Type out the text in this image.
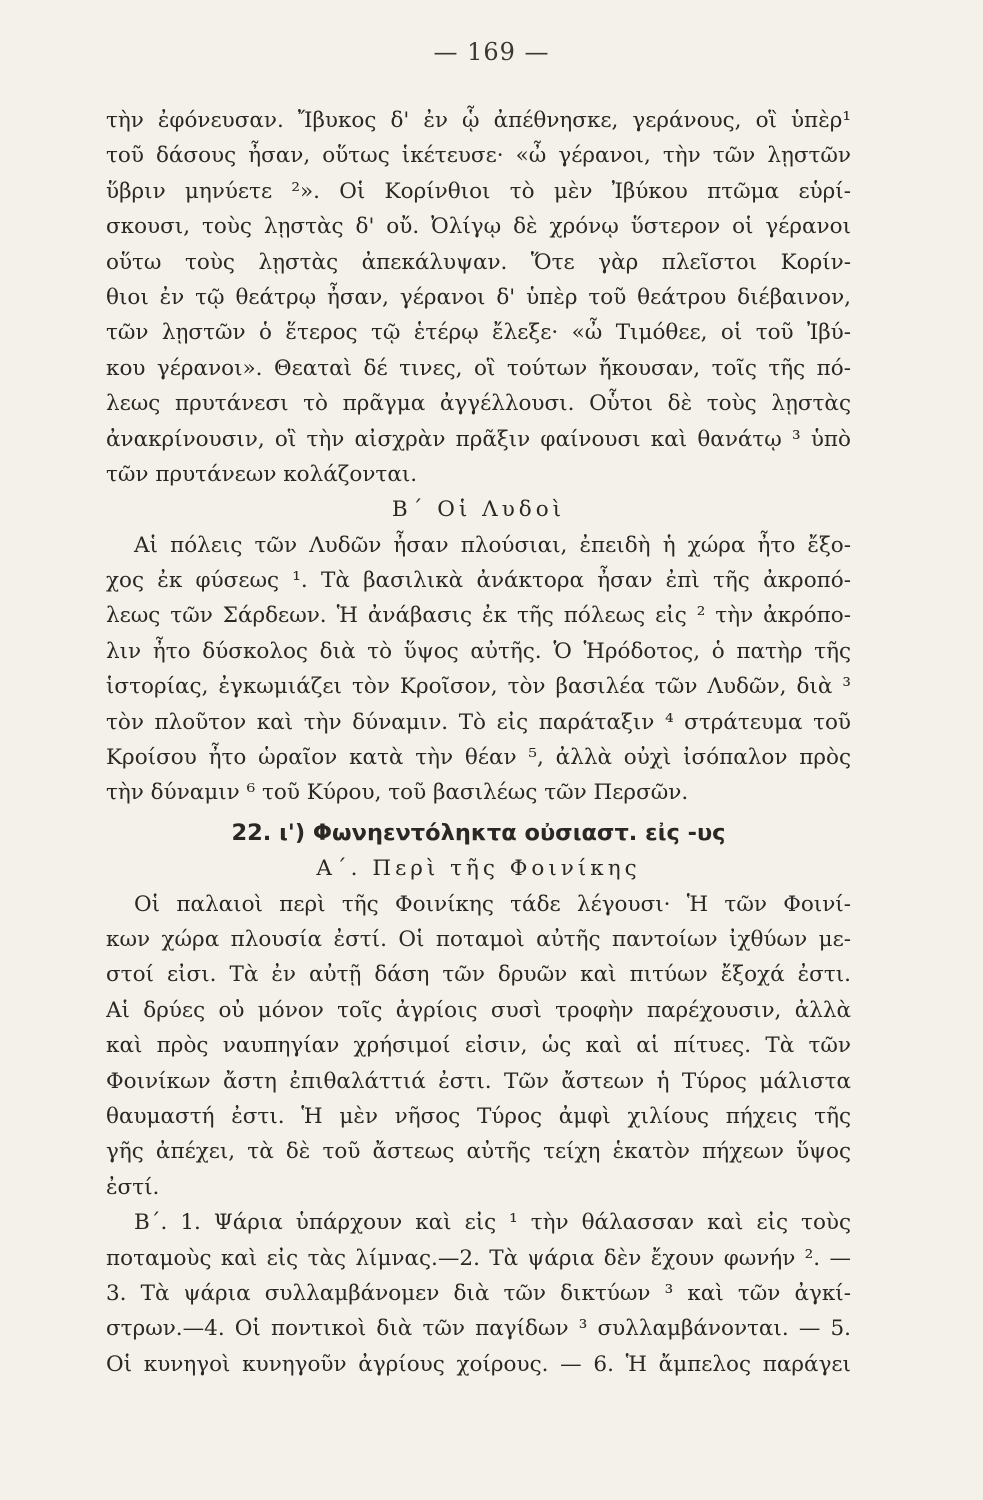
— 169 —
τὴν ἐφόνευσαν. Ἴβυκος δ' ἐν ᾧ ἀπέθνησκε, γεράνους, οἳ ὑπὲρ¹
τοῦ δάσους ἦσαν, οὕτως ἱκέτευσε· «ὦ γέρανοι, τὴν τῶν λῃστῶν
ὕβριν μηνύετε ²». Οἱ Κορίνθιοι τὸ μὲν Ἰβύκου πτῶμα εὑρί-
σκουσι, τοὺς λῃστὰς δ' οὔ. Ὀλίγῳ δὲ χρόνῳ ὕστερον οἱ γέρανοι
οὕτω τοὺς λῃστὰς ἀπεκάλυψαν. Ὅτε γὰρ πλεῖστοι Κορίν-
θιοι ἐν τῷ θεάτρῳ ἦσαν, γέρανοι δ' ὑπὲρ τοῦ θεάτρου διέβαινον,
τῶν λῃστῶν ὁ ἕτερος τῷ ἑτέρῳ ἔλεξε· «ὦ Τιμόθεε, οἱ τοῦ Ἰβύ-
κου γέρανοι». Θεαταὶ δέ τινες, οἳ τούτων ἤκουσαν, τοῖς τῆς πό-
λεως πρυτάνεσι τὸ πρᾶγμα ἀγγέλλουσι. Οὗτοι δὲ τοὺς λῃστὰς
ἀνακρίνουσιν, οἳ τὴν αἰσχρὰν πρᾶξιν φαίνουσι καὶ θανάτῳ ³ ὑπὸ
τῶν πρυτάνεων κολάζονται.
Β΄ Οἱ Λυδοὶ
Αἱ πόλεις τῶν Λυδῶν ἦσαν πλούσιαι, ἐπειδὴ ἡ χώρα ἦτο ἔξο-
χος ἐκ φύσεως ¹. Τὰ βασιλικὰ ἀνάκτορα ἦσαν ἐπὶ τῆς ἀκροπό-
λεως τῶν Σάρδεων. Ἡ ἀνάβασις ἐκ τῆς πόλεως εἰς ² τὴν ἀκρόπο-
λιν ἦτο δύσκολος διὰ τὸ ὕψος αὐτῆς. Ὁ Ἡρόδοτος, ὁ πατὴρ τῆς
ἱστορίας, ἐγκωμιάζει τὸν Κροῖσον, τὸν βασιλέα τῶν Λυδῶν, διὰ ³
τὸν πλοῦτον καὶ τὴν δύναμιν. Τὸ εἰς παράταξιν ⁴ στράτευμα τοῦ
Κροίσου ἦτο ὡραῖον κατὰ τὴν θέαν ⁵, ἀλλὰ οὐχὶ ἰσόπαλον πρὸς
τὴν δύναμιν ⁶ τοῦ Κύρου, τοῦ βασιλέως τῶν Περσῶν.
22. ι') Φωνηεντόληκτα οὐσιαστ. εἰς -υς
Α΄. Περὶ τῆς Φοινίκης
Οἱ παλαιοὶ περὶ τῆς Φοινίκης τάδε λέγουσι· Ἡ τῶν Φοινί-
κων χώρα πλουσία ἐστί. Οἱ ποταμοὶ αὐτῆς παντοίων ἰχθύων με-
στοί εἰσι. Τὰ ἐν αὐτῇ δάση τῶν δρυῶν καὶ πιτύων ἔξοχά ἐστι.
Αἱ δρύες οὐ μόνον τοῖς ἀγρίοις συσὶ τροφὴν παρέχουσιν, ἀλλὰ
καὶ πρὸς ναυπηγίαν χρήσιμοί εἰσιν, ὡς καὶ αἱ πίτυες. Τὰ τῶν
Φοινίκων ἄστη ἐπιθαλάττιά ἐστι. Τῶν ἄστεων ἡ Τύρος μάλιστα
θαυμαστή ἐστι. Ἡ μὲν νῆσος Τύρος ἀμφὶ χιλίους πήχεις τῆς
γῆς ἀπέχει, τὰ δὲ τοῦ ἄστεως αὐτῆς τείχη ἑκατὸν πήχεων ὕψος
ἐστί.
Β΄. 1. Ψάρια ὑπάρχουν καὶ εἰς ¹ τὴν θάλασσαν καὶ εἰς τοὺς
ποταμοὺς καὶ εἰς τὰς λίμνας.—2. Τὰ ψάρια δὲν ἔχουν φωνήν ². —
3. Τὰ ψάρια συλλαμβάνομεν διὰ τῶν δικτύων ³ καὶ τῶν ἀγκί-
στρων.—4. Οἱ ποντικοὶ διὰ τῶν παγίδων ³ συλλαμβάνονται. — 5.
Οἱ κυνηγοὶ κυνηγοῦν ἀγρίους χοίρους. — 6. Ἡ ἄμπελος παράγει
